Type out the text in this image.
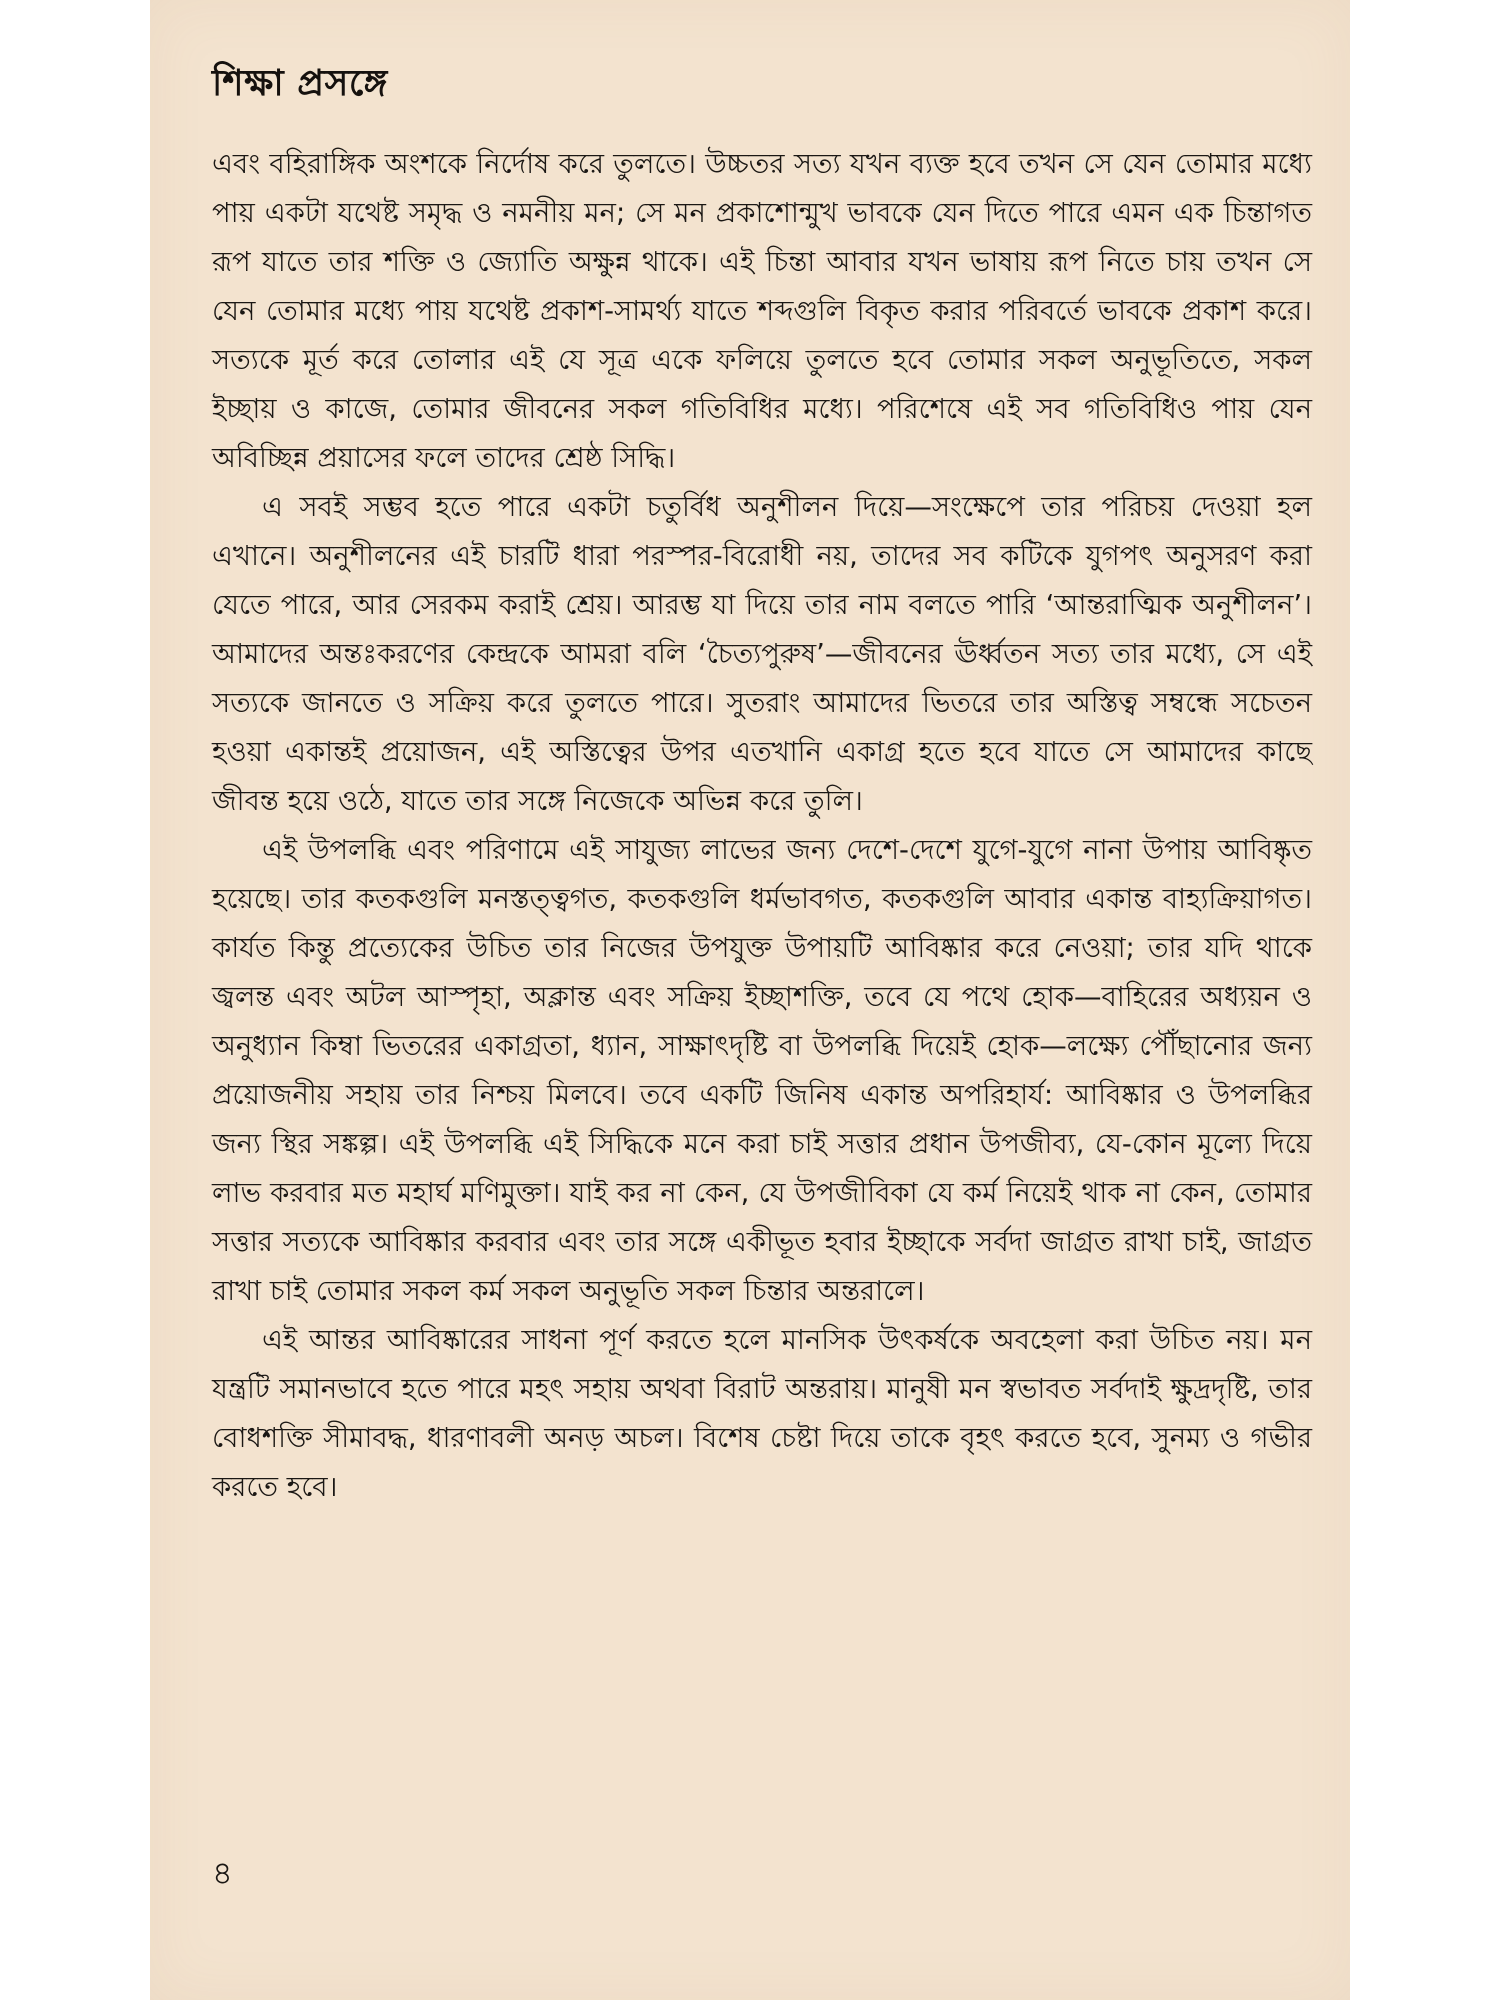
শিক্ষা প্রসঙ্গে

এবং বহিরাঙ্গিক অংশকে নির্দোষ করে তুলতে। উচ্চতর সত্য যখন ব্যক্ত হবে তখন সে যেন তোমার মধ্যে পায় একটা যথেষ্ট সমৃদ্ধ ও নমনীয় মন; সে মন প্রকাশোন্মুখ ভাবকে যেন দিতে পারে এমন এক চিন্তাগত রূপ যাতে তার শক্তি ও জ্যোতি অক্ষুন্ন থাকে। এই চিন্তা আবার যখন ভাষায় রূপ নিতে চায় তখন সে যেন তোমার মধ্যে পায় যথেষ্ট প্রকাশ-সামর্থ্য যাতে শব্দগুলি বিকৃত করার পরিবর্তে ভাবকে প্রকাশ করে। সত্যকে মূর্ত করে তোলার এই যে সূত্র একে ফলিয়ে তুলতে হবে তোমার সকল অনুভূতিতে, সকল ইচ্ছায় ও কাজে, তোমার জীবনের সকল গতিবিধির মধ্যে। পরিশেষে এই সব গতিবিধিও পায় যেন অবিচ্ছিন্ন প্রয়াসের ফলে তাদের শ্রেষ্ঠ সিদ্ধি।

এ সবই সম্ভব হতে পারে একটা চতুর্বিধ অনুশীলন দিয়ে—সংক্ষেপে তার পরিচয় দেওয়া হল এখানে। অনুশীলনের এই চারটি ধারা পরস্পর-বিরোধী নয়, তাদের সব কটিকে যুগপৎ অনুসরণ করা যেতে পারে, আর সেরকম করাই শ্রেয়। আরম্ভ যা দিয়ে তার নাম বলতে পারি ‘আন্তরাত্মিক অনুশীলন’। আমাদের অন্তঃকরণের কেন্দ্রকে আমরা বলি ‘চৈত্যপুরুষ’—জীবনের ঊর্ধ্বতন সত্য তার মধ্যে, সে এই সত্যকে জানতে ও সক্রিয় করে তুলতে পারে। সুতরাং আমাদের ভিতরে তার অস্তিত্ব সম্বন্ধে সচেতন হওয়া একান্তই প্রয়োজন, এই অস্তিত্বের উপর এতখানি একাগ্র হতে হবে যাতে সে আমাদের কাছে জীবন্ত হয়ে ওঠে, যাতে তার সঙ্গে নিজেকে অভিন্ন করে তুলি।

এই উপলব্ধি এবং পরিণামে এই সাযুজ্য লাভের জন্য দেশে-দেশে যুগে-যুগে নানা উপায় আবিষ্কৃত হয়েছে। তার কতকগুলি মনস্তত্ত্বগত, কতকগুলি ধর্মভাবগত, কতকগুলি আবার একান্ত বাহ্যক্রিয়াগত। কার্যত কিন্তু প্রত্যেকের উচিত তার নিজের উপযুক্ত উপায়টি আবিষ্কার করে নেওয়া; তার যদি থাকে জ্বলন্ত এবং অটল আস্পৃহা, অক্লান্ত এবং সক্রিয় ইচ্ছাশক্তি, তবে যে পথে হোক—বাহিরের অধ্যয়ন ও অনুধ্যান কিম্বা ভিতরের একাগ্রতা, ধ্যান, সাক্ষাৎদৃষ্টি বা উপলব্ধি দিয়েই হোক—লক্ষ্যে পৌঁছানোর জন্য প্রয়োজনীয় সহায় তার নিশ্চয় মিলবে। তবে একটি জিনিষ একান্ত অপরিহার্য: আবিষ্কার ও উপলব্ধির জন্য স্থির সঙ্কল্প। এই উপলব্ধি এই সিদ্ধিকে মনে করা চাই সত্তার প্রধান উপজীব্য, যে-কোন মূল্যে দিয়ে লাভ করবার মত মহার্ঘ মণিমুক্তা। যাই কর না কেন, যে উপজীবিকা যে কর্ম নিয়েই থাক না কেন, তোমার সত্তার সত্যকে আবিষ্কার করবার এবং তার সঙ্গে একীভূত হবার ইচ্ছাকে সর্বদা জাগ্রত রাখা চাই, জাগ্রত রাখা চাই তোমার সকল কর্ম সকল অনুভূতি সকল চিন্তার অন্তরালে।

এই আন্তর আবিষ্কারের সাধনা পূর্ণ করতে হলে মানসিক উৎকর্ষকে অবহেলা করা উচিত নয়। মন যন্ত্রটি সমানভাবে হতে পারে মহৎ সহায় অথবা বিরাট অন্তরায়। মানুষী মন স্বভাবত সর্বদাই ক্ষুদ্রদৃষ্টি, তার বোধশক্তি সীমাবদ্ধ, ধারণাবলী অনড় অচল। বিশেষ চেষ্টা দিয়ে তাকে বৃহৎ করতে হবে, সুনম্য ও গভীর করতে হবে।

৪
